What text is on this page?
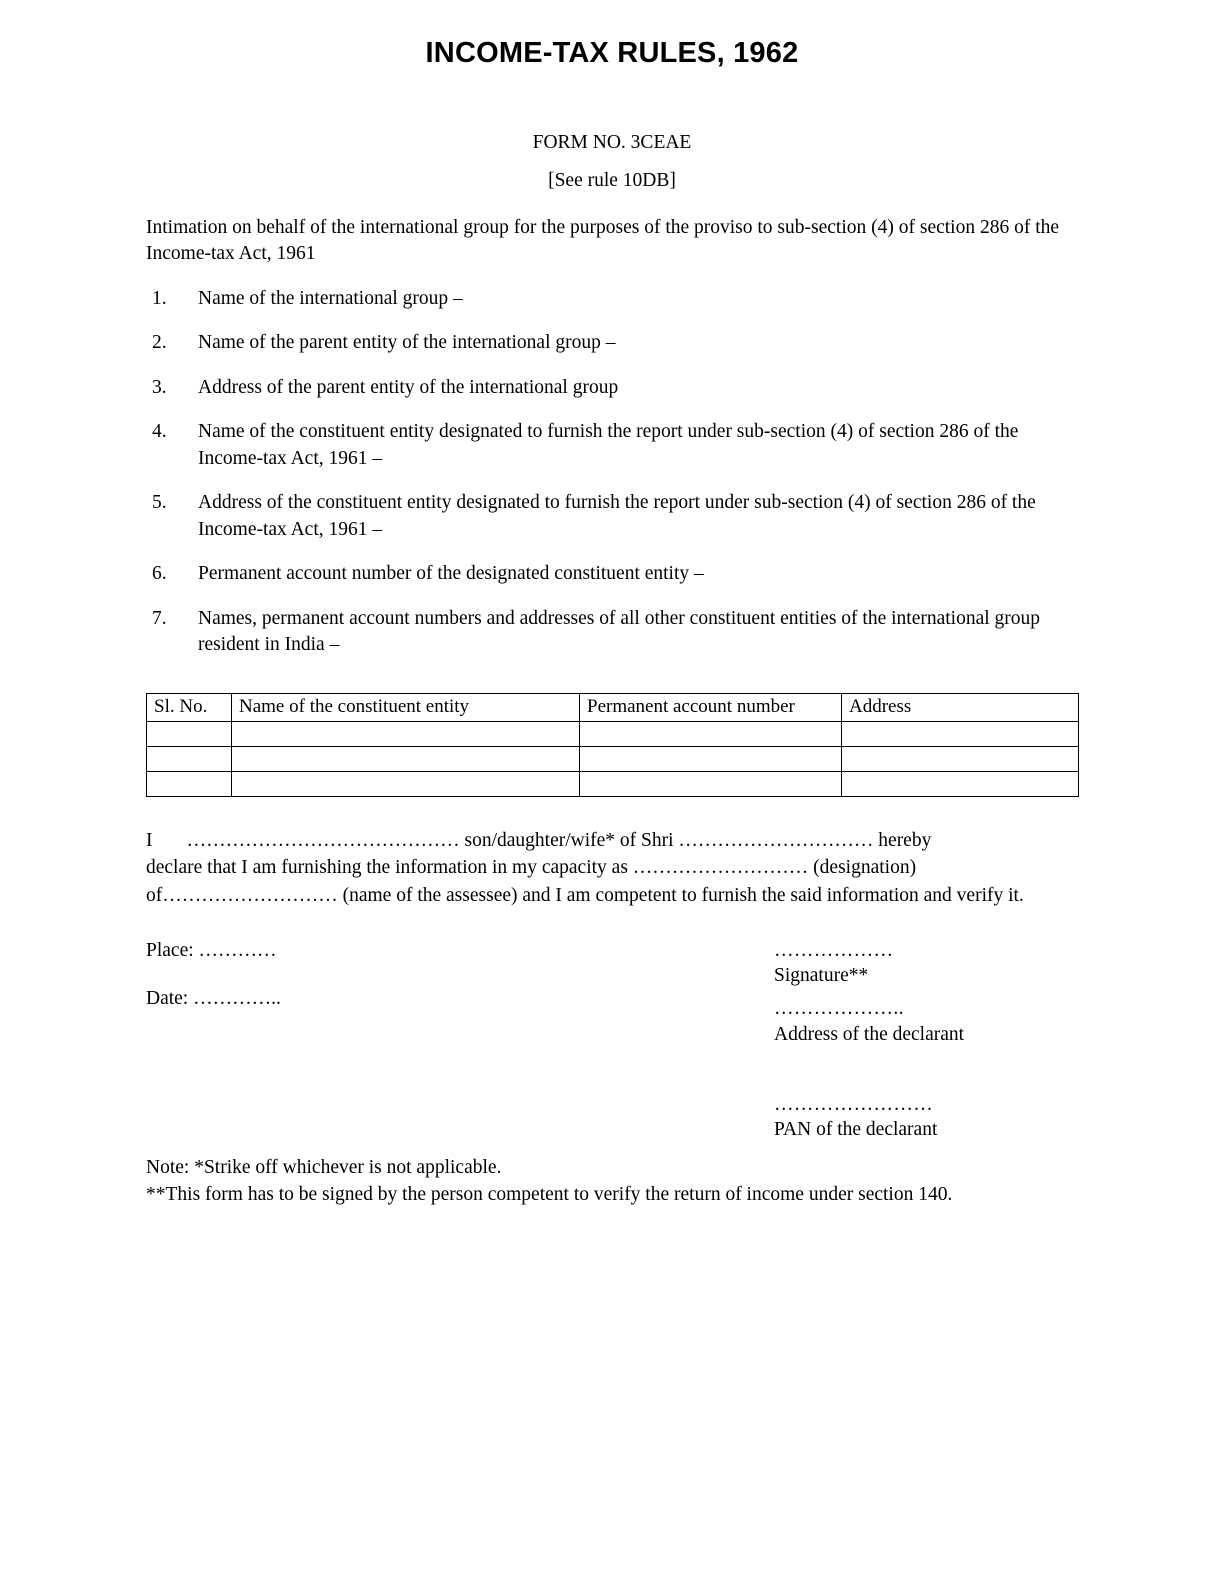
INCOME-TAX RULES, 1962
FORM NO. 3CEAE
[See rule 10DB]

Intimation on behalf of the international group for the purposes of the proviso to sub-section (4) of section 286 of the Income-tax Act, 1961

1.	Name of the international group –
2.	Name of the parent entity of the international group –
3.	Address of the parent entity of the international group
4.	Name of the constituent entity designated to furnish the report under sub-section (4) of section 286 of the Income-tax Act, 1961 –
5.	Address of the constituent entity designated to furnish the report under sub-section (4) of section 286 of the Income-tax Act, 1961 –
6.	Permanent account number of the designated constituent entity –
7.	Names, permanent account numbers and addresses of all other constituent entities of the international group resident in India –
Sl. No.	Name of the constituent entity	Permanent account number	Address

I   …………………………………… son/daughter/wife* of Shri ………………………… hereby
declare that I am furnishing the information in my capacity as ……………………… (designation)
of……………………… (name of the assessee) and I am competent to furnish the said information and verify it.
Place: …………
Date: …………..
………………
Signature**
………………..
Address of the declarant
……………………
PAN of the declarant
Note: *Strike off whichever is not applicable.
**This form has to be signed by the person competent to verify the return of income under section 140.
